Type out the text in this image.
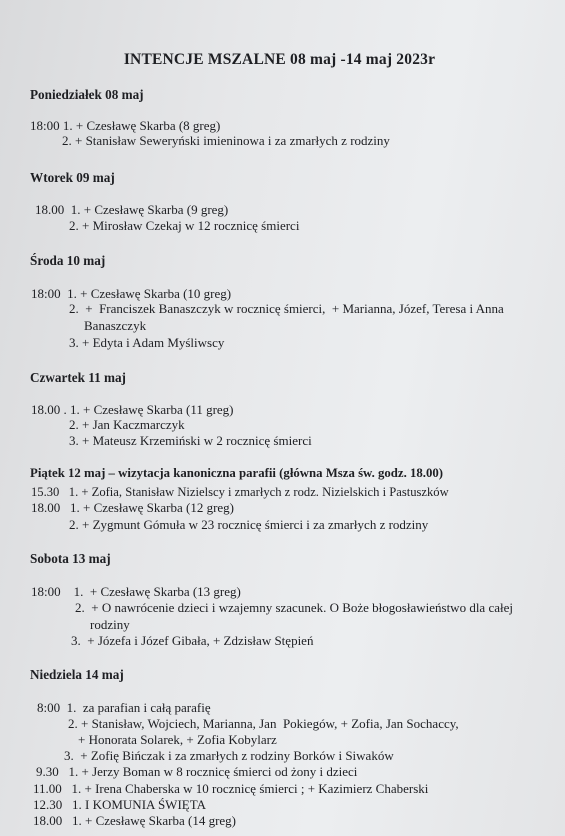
INTENCJE MSZALNE 08 maj -14 maj 2023r
Poniedziałek 08 maj
18:00 1. + Czesławę Skarba (8 greg)
2. + Stanisław Seweryński imieninowa i za zmarłych z rodziny
Wtorek 09 maj
18.00  1. + Czesławę Skarba (9 greg)
2. + Mirosław Czekaj w 12 rocznicę śmierci
Środa 10 maj
18:00  1. + Czesławę Skarba (10 greg)
2.  +  Franciszek Banaszczyk w rocznicę śmierci,  + Marianna, Józef, Teresa i Anna
Banaszczyk
3. + Edyta i Adam Myśliwscy
Czwartek 11 maj
18.00 . 1. + Czesławę Skarba (11 greg)
2. + Jan Kaczmarczyk
3. + Mateusz Krzemiński w 2 rocznicę śmierci
Piątek 12 maj – wizytacja kanoniczna parafii (główna Msza św. godz. 18.00)
15.30   1. + Zofia, Stanisław Nizielscy i zmarłych z rodz. Nizielskich i Pastuszków
18.00   1. + Czesławę Skarba (12 greg)
2. + Zygmunt Gómuła w 23 rocznicę śmierci i za zmarłych z rodziny
Sobota 13 maj
18:00    1.  + Czesławę Skarba (13 greg)
2.  + O nawrócenie dzieci i wzajemny szacunek. O Boże błogosławieństwo dla całej
rodziny
3.  + Józefa i Józef Gibała, + Zdzisław Stępień
Niedziela 14 maj
8:00  1.  za parafian i całą parafię
2. + Stanisław, Wojciech, Marianna, Jan  Pokiegów, + Zofia, Jan Sochaccy,
+ Honorata Solarek, + Zofia Kobylarz
3.  + Zofię Bińczak i za zmarłych z rodziny Borków i Siwaków
9.30   1. + Jerzy Boman w 8 rocznicę śmierci od żony i dzieci
11.00   1. + Irena Chaberska w 10 rocznicę śmierci ; + Kazimierz Chaberski
12.30   1. I KOMUNIA ŚWIĘTA
18.00   1. + Czesławę Skarba (14 greg)
